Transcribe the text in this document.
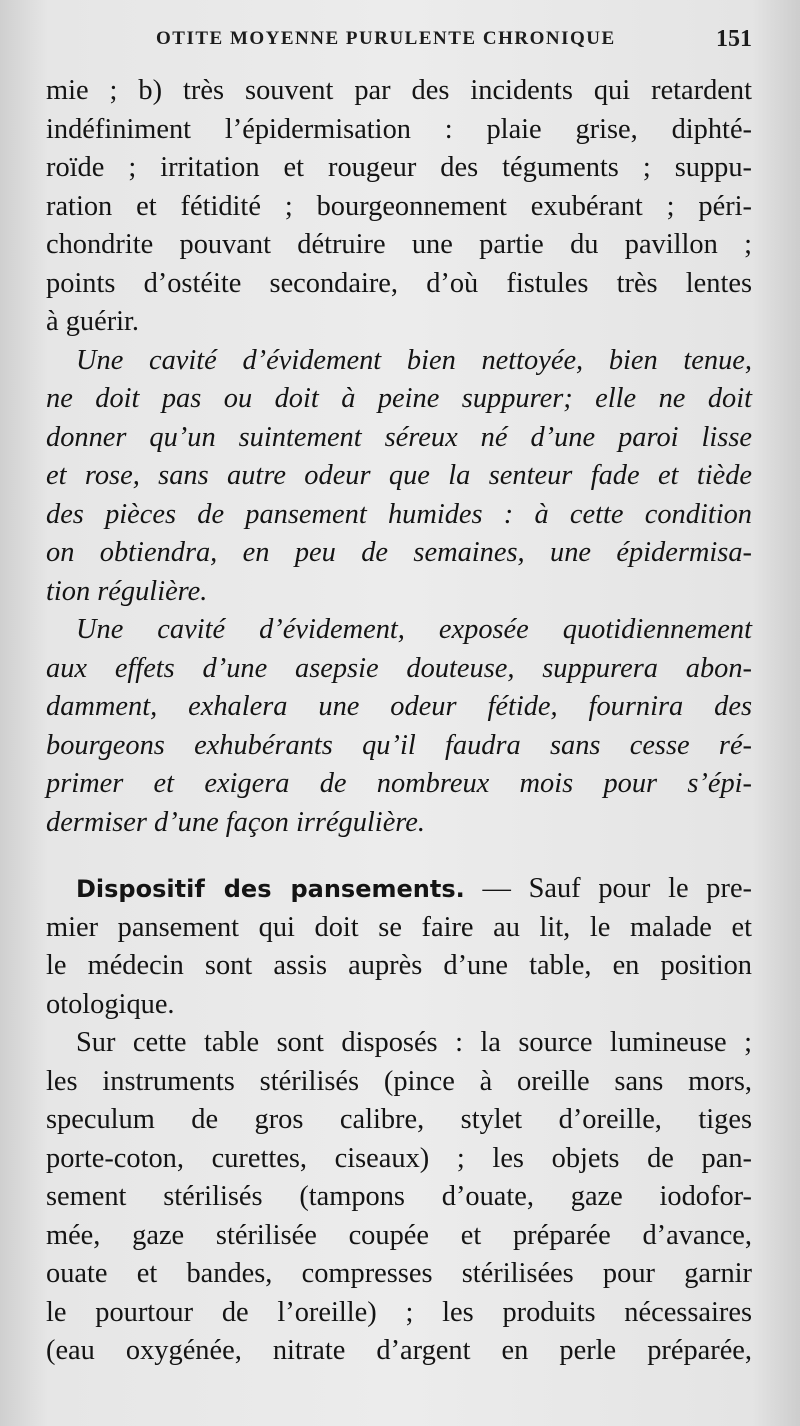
OTITE MOYENNE PURULENTE CHRONIQUE	151
mie ; b) très souvent par des incidents qui retardent
indéfiniment l’épidermisation : plaie grise, diphté-
roïde ; irritation et rougeur des téguments ; suppu-
ration et fétidité ; bourgeonnement exubérant ; péri-
chondrite pouvant détruire une partie du pavillon ;
points d’ostéite secondaire, d’où fistules très lentes
à guérir.
Une cavité d’évidement bien nettoyée, bien tenue,
ne doit pas ou doit à peine suppurer; elle ne doit
donner qu’un suintement séreux né d’une paroi lisse
et rose, sans autre odeur que la senteur fade et tiède
des pièces de pansement humides : à cette condition
on obtiendra, en peu de semaines, une épidermisa-
tion régulière.
Une cavité d’évidement, exposée quotidiennement
aux effets d’une asepsie douteuse, suppurera abon-
damment, exhalera une odeur fétide, fournira des
bourgeons exhubérants qu’il faudra sans cesse ré-
primer et exigera de nombreux mois pour s’épi-
dermiser d’une façon irrégulière.
Dispositif des pansements. — Sauf pour le pre-
mier pansement qui doit se faire au lit, le malade et
le médecin sont assis auprès d’une table, en position
otologique.
Sur cette table sont disposés : la source lumineuse ;
les instruments stérilisés (pince à oreille sans mors,
speculum de gros calibre, stylet d’oreille, tiges
porte-coton, curettes, ciseaux) ; les objets de pan-
sement stérilisés (tampons d’ouate, gaze iodofor-
mée, gaze stérilisée coupée et préparée d’avance,
ouate et bandes, compresses stérilisées pour garnir
le pourtour de l’oreille) ; les produits nécessaires
(eau oxygénée, nitrate d’argent en perle préparée,
